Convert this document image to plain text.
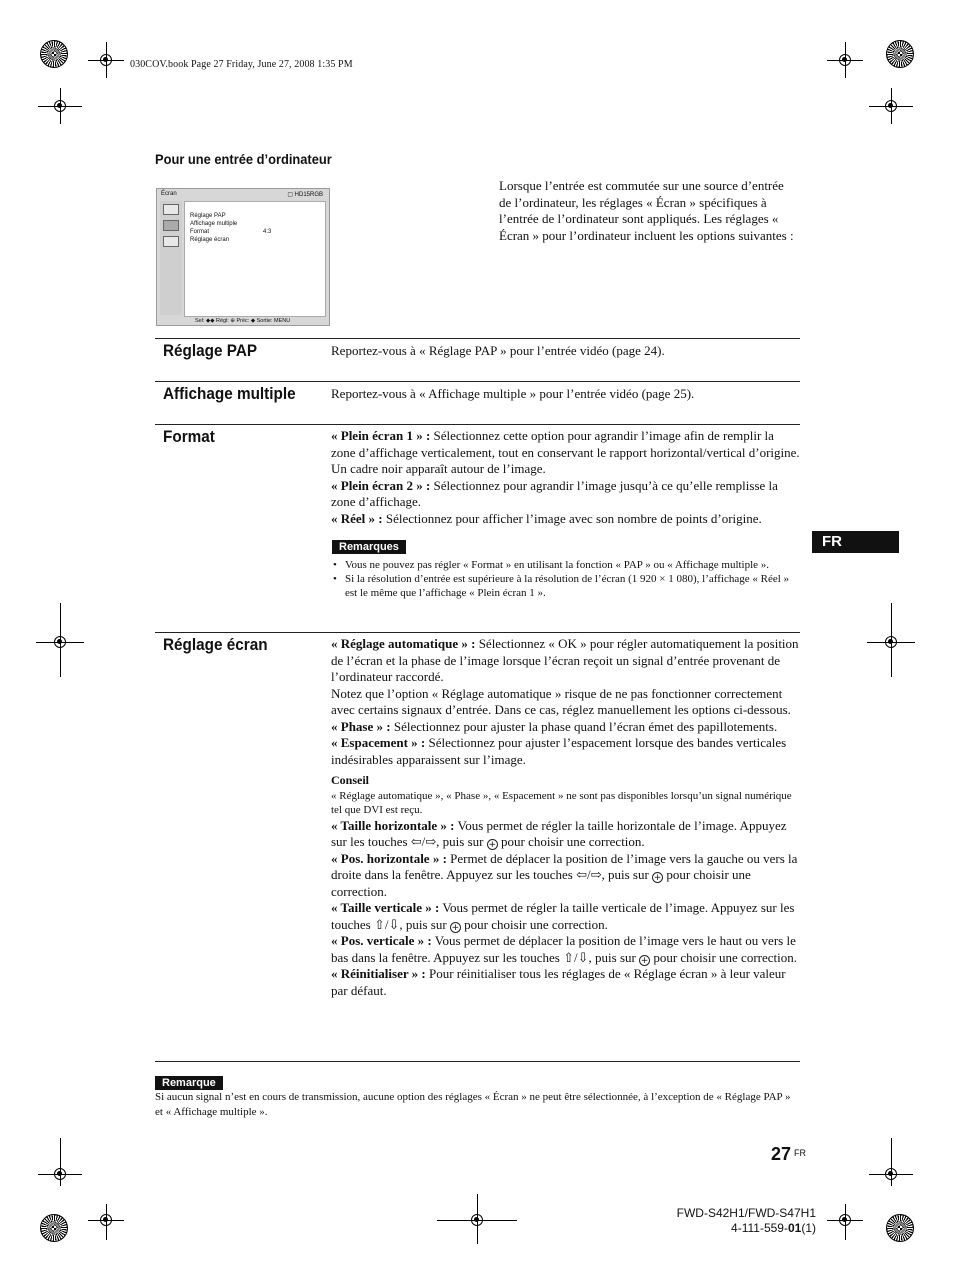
030COV.book Page 27 Friday, June 27, 2008 1:35 PM
Pour une entrée d’ordinateur
Écran	▢ HD15RGB
Réglage PAP
Affichage multiple
Format	4:3
Réglage écran
Sel: ◆◆ Régl: ⊕ Préc: ◆ Sortie: MENU
Lorsque l’entrée est commutée sur une source d’entrée de l’ordinateur, les réglages « Écran » spécifiques à l’entrée de l’ordinateur sont appliqués. Les réglages « Écran » pour l’ordinateur incluent les options suivantes :
Réglage PAP	Reportez-vous à « Réglage PAP » pour l’entrée vidéo (page 24).
Affichage multiple	Reportez-vous à « Affichage multiple » pour l’entrée vidéo (page 25).
Format	« Plein écran 1 » : Sélectionnez cette option pour agrandir l’image afin de remplir la zone d’affichage verticalement, tout en conservant le rapport horizontal/vertical d’origine. Un cadre noir apparaît autour de l’image.

« Plein écran 2 » : Sélectionnez pour agrandir l’image jusqu’à ce qu’elle remplisse la zone d’affichage.

« Réel » : Sélectionnez pour afficher l’image avec son nombre de points d’origine.

Remarques
• Vous ne pouvez pas régler « Format » en utilisant la fonction « PAP » ou « Affichage multiple ».
• Si la résolution d’entrée est supérieure à la résolution de l’écran (1 920 × 1 080), l’affichage « Réel » est le même que l’affichage « Plein écran 1 ».
Réglage écran	« Réglage automatique » : Sélectionnez « OK » pour régler automatiquement la position de l’écran et la phase de l’image lorsque l’écran reçoit un signal d’entrée provenant de l’ordinateur raccordé.

Notez que l’option « Réglage automatique » risque de ne pas fonctionner correctement avec certains signaux d’entrée. Dans ce cas, réglez manuellement les options ci-dessous.

« Phase » : Sélectionnez pour ajuster la phase quand l’écran émet des papillotements.

« Espacement » : Sélectionnez pour ajuster l’espacement lorsque des bandes verticales indésirables apparaissent sur l’image.

Conseil

« Réglage automatique », « Phase », « Espacement » ne sont pas disponibles lorsqu’un signal numérique tel que DVI est reçu.

« Taille horizontale » : Vous permet de régler la taille horizontale de l’image. Appuyez sur les touches ⇦/⇨, puis sur + pour choisir une correction.

« Pos. horizontale » : Permet de déplacer la position de l’image vers la gauche ou vers la droite dans la fenêtre. Appuyez sur les touches ⇦/⇨, puis sur + pour choisir une correction.

« Taille verticale » : Vous permet de régler la taille verticale de l’image. Appuyez sur les touches ⇧/⇩, puis sur + pour choisir une correction.

« Pos. verticale » : Vous permet de déplacer la position de l’image vers le haut ou vers le bas dans la fenêtre. Appuyez sur les touches ⇧/⇩, puis sur + pour choisir une correction.

« Réinitialiser » : Pour réinitialiser tous les réglages de « Réglage écran » à leur valeur par défaut.

Remarque
Si aucun signal n’est en cours de transmission, aucune option des réglages « Écran » ne peut être sélectionnée, à l’exception de « Réglage PAP » et « Affichage multiple ».
FR
27 $^{FR}$
FWD-S42H1/FWD-S47H1
4-111-559-01(1)
